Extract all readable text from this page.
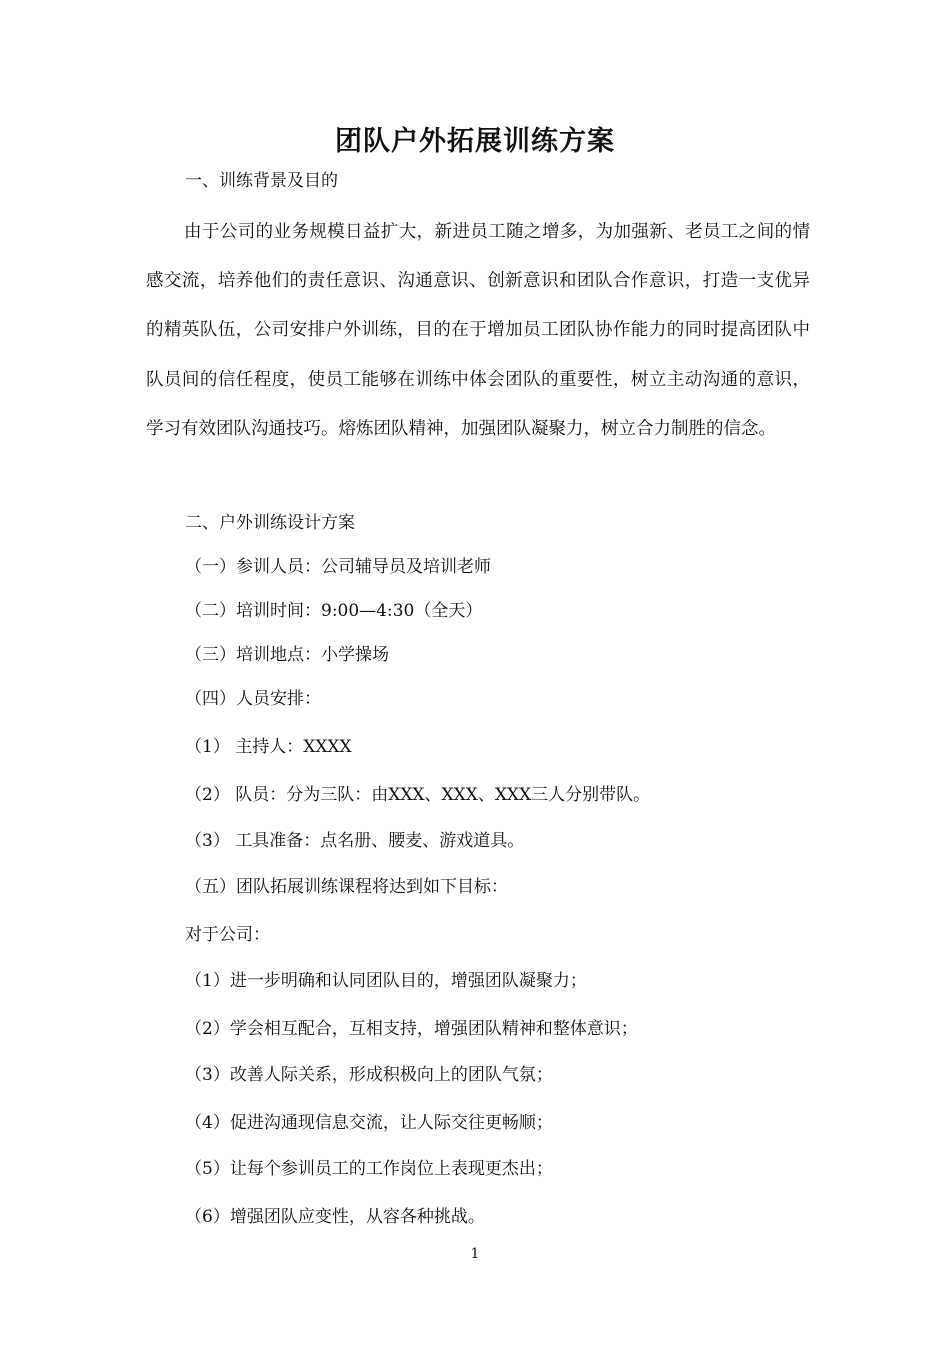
团队户外拓展训练方案
一、训练背景及目的
由于公司的业务规模日益扩大，新进员工随之增多，为加强新、老员工之间的情感交流，培养他们的责任意识、沟通意识、创新意识和团队合作意识，打造一支优异的精英队伍，公司安排户外训练，目的在于增加员工团队协作能力的同时提高团队中队员间的信任程度，使员工能够在训练中体会团队的重要性，树立主动沟通的意识，学习有效团队沟通技巧。熔炼团队精神，加强团队凝聚力，树立合力制胜的信念。
二、户外训练设计方案
（一）参训人员：公司辅导员及培训老师
（二）培训时间：9:00—4:30（全天）
（三）培训地点：小学操场
（四）人员安排：
（1） 主持人：XXXX
（2） 队员：分为三队：由XXX、XXX、XXX三人分别带队。
（3） 工具准备：点名册、腰麦、游戏道具。
（五）团队拓展训练课程将达到如下目标：
对于公司：
（1）进一步明确和认同团队目的，增强团队凝聚力；
（2）学会相互配合，互相支持，增强团队精神和整体意识；
（3）改善人际关系，形成积极向上的团队气氛；
（4）促进沟通现信息交流，让人际交往更畅顺；
（5）让每个参训员工的工作岗位上表现更杰出；
（6）增强团队应变性，从容各种挑战。
1
